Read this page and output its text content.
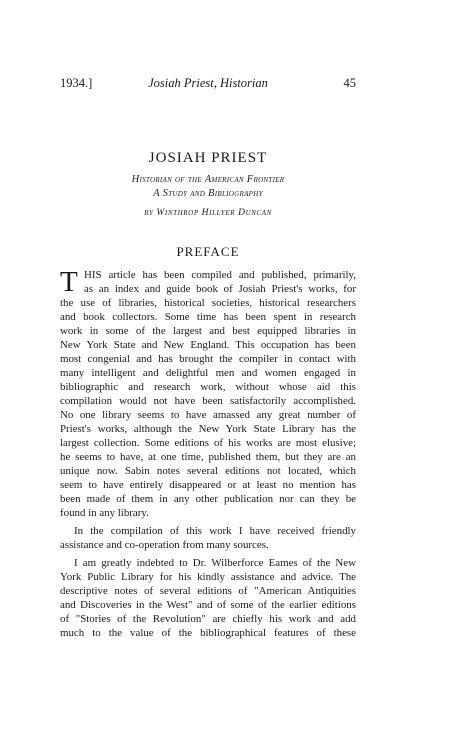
1934.]	Josiah Priest, Historian	45
JOSIAH PRIEST
Historian of the American Frontier
A Study and Bibliography
by Winthrop Hillyer Duncan
PREFACE
T HIS article has been compiled and published, primarily,
as an index and guide book of Josiah Priest's works, for
the use of libraries, historical societies, historical researchers
and book collectors. Some time has been spent in research
work in some of the largest and best equipped libraries in
New York State and New England. This occupation has been
most congenial and has brought the compiler in contact with
many intelligent and delightful men and women engaged in
bibliographic and research work, without whose aid this
compilation would not have been satisfactorily accomplished.
No one library seems to have amassed any great number of
Priest's works, although the New York State Library has the
largest collection. Some editions of his works are most elusive;
he seems to have, at one time, published them, but they are an
unique now. Sabin notes several editions not located, which
seem to have entirely disappeared or at least no mention has
been made of them in any other publication nor can they be
found in any library.
In the compilation of this work I have received friendly
assistance and co-operation from many sources.
I am greatly indebted to Dr. Wilberforce Eames of the New
York Public Library for his kindly assistance and advice. The
descriptive notes of several editions of "American Antiquities
and Discoveries in the West" and of some of the earlier editions
of "Stories of the Revolution" are chiefly his work and add
much to the value of the bibliographical features of these
